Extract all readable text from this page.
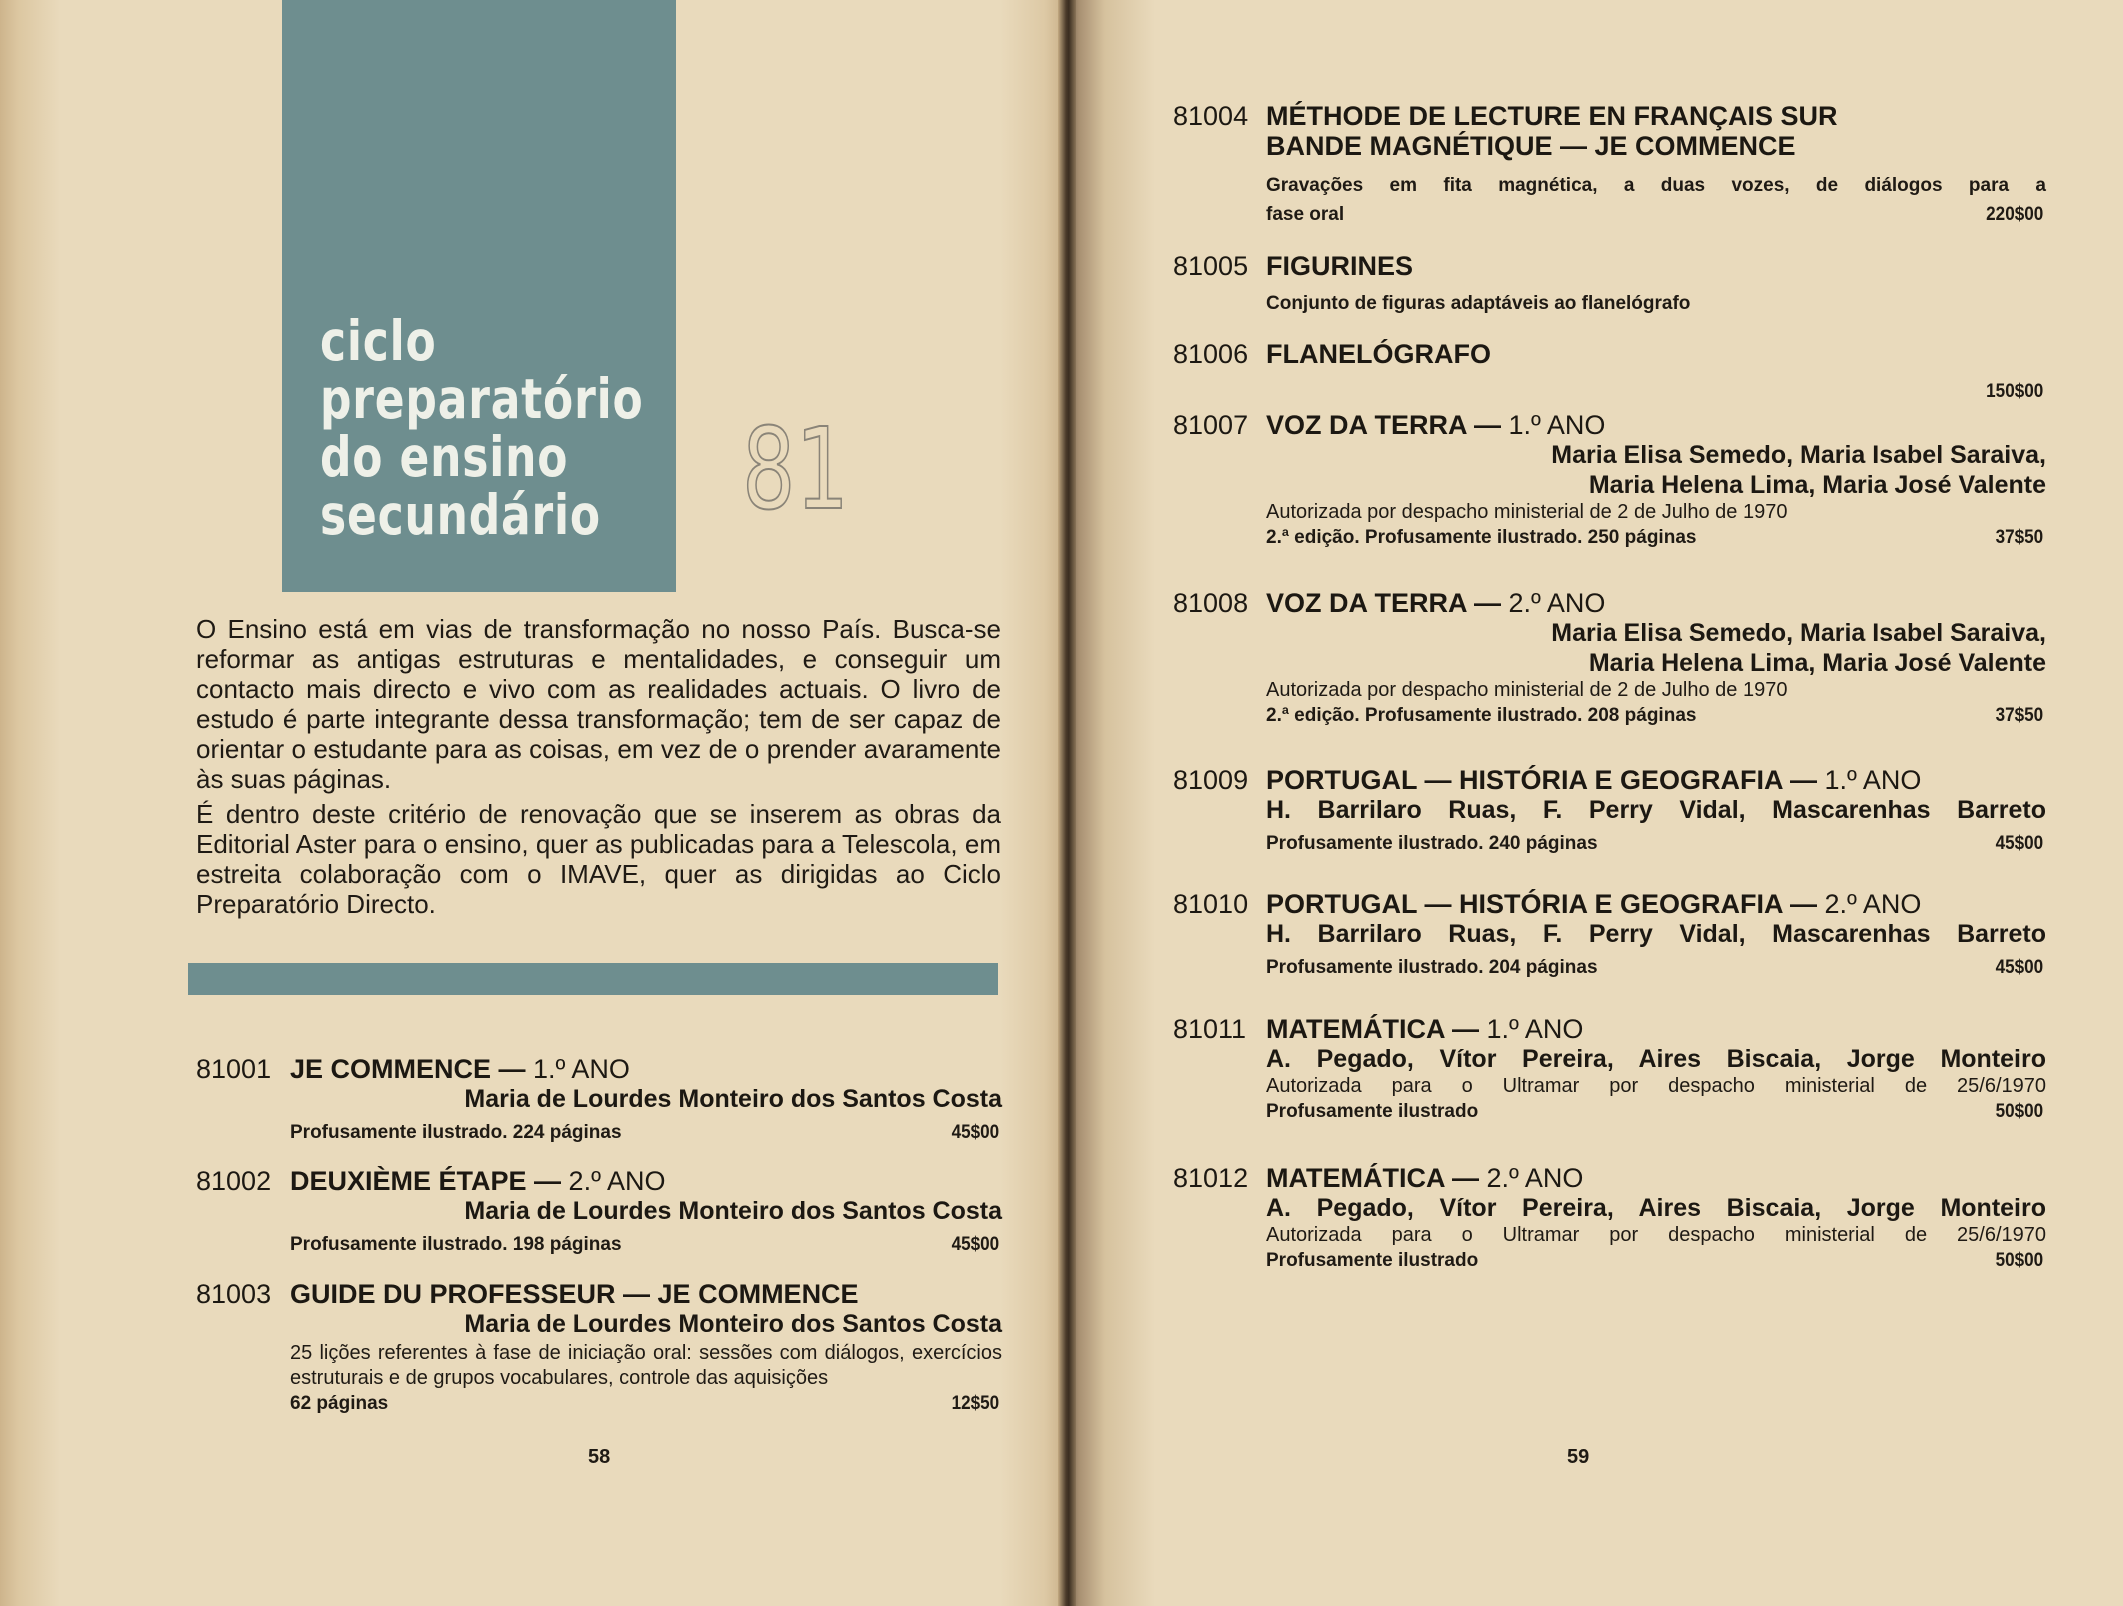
ciclo
preparatório
do ensino
secundário	81

O Ensino está em vias de transformação no nosso País. Busca-se reformar as antigas estruturas e mentalidades, e conseguir um contacto mais directo e vivo com as realidades actuais. O livro de estudo é parte integrante dessa transformação; tem de ser capaz de orientar o estudante para as coisas, em vez de o prender avaramente às suas páginas.

É dentro deste critério de renovação que se inserem as obras da Editorial Aster para o ensino, quer as publicadas para a Telescola, em estreita colaboração com o IMAVE, quer as dirigidas ao Ciclo Preparatório Directo.

81001 JE COMMENCE — 1.º ANO
Maria de Lourdes Monteiro dos Santos Costa
Profusamente ilustrado. 224 páginas	45$00
81002 DEUXIÈME ÉTAPE — 2.º ANO
Maria de Lourdes Monteiro dos Santos Costa
Profusamente ilustrado. 198 páginas	45$00
81003 GUIDE DU PROFESSEUR — JE COMMENCE
Maria de Lourdes Monteiro dos Santos Costa
25 lições referentes à fase de iniciação oral: sessões com diálogos, exercícios estruturais e de grupos vocabulares, controle das aquisições
62 páginas	12$50
58
81004 MÉTHODE DE LECTURE EN FRANÇAIS SUR
BANDE MAGNÉTIQUE — JE COMMENCE
Gravações em fita magnética, a duas vozes, de diálogos para a
fase oral	220$00
81005 FIGURINES
Conjunto de figuras adaptáveis ao flanelógrafo
81006 FLANELÓGRAFO
150$00
81007 VOZ DA TERRA — 1.º ANO
Maria Elisa Semedo, Maria Isabel Saraiva,
Maria Helena Lima, Maria José Valente
Autorizada por despacho ministerial de 2 de Julho de 1970
2.ª edição. Profusamente ilustrado. 250 páginas	37$50
81008 VOZ DA TERRA — 2.º ANO
Maria Elisa Semedo, Maria Isabel Saraiva,
Maria Helena Lima, Maria José Valente
Autorizada por despacho ministerial de 2 de Julho de 1970
2.ª edição. Profusamente ilustrado. 208 páginas	37$50
81009 PORTUGAL — HISTÓRIA E GEOGRAFIA — 1.º ANO
H. Barrilaro Ruas, F. Perry Vidal, Mascarenhas Barreto
Profusamente ilustrado. 240 páginas	45$00
81010 PORTUGAL — HISTÓRIA E GEOGRAFIA — 2.º ANO
H. Barrilaro Ruas, F. Perry Vidal, Mascarenhas Barreto
Profusamente ilustrado. 204 páginas	45$00
81011 MATEMÁTICA — 1.º ANO
A. Pegado, Vítor Pereira, Aires Biscaia, Jorge Monteiro
Autorizada para o Ultramar por despacho ministerial de 25/6/1970
Profusamente ilustrado	50$00
81012 MATEMÁTICA — 2.º ANO
A. Pegado, Vítor Pereira, Aires Biscaia, Jorge Monteiro
Autorizada para o Ultramar por despacho ministerial de 25/6/1970
Profusamente ilustrado	50$00
59
